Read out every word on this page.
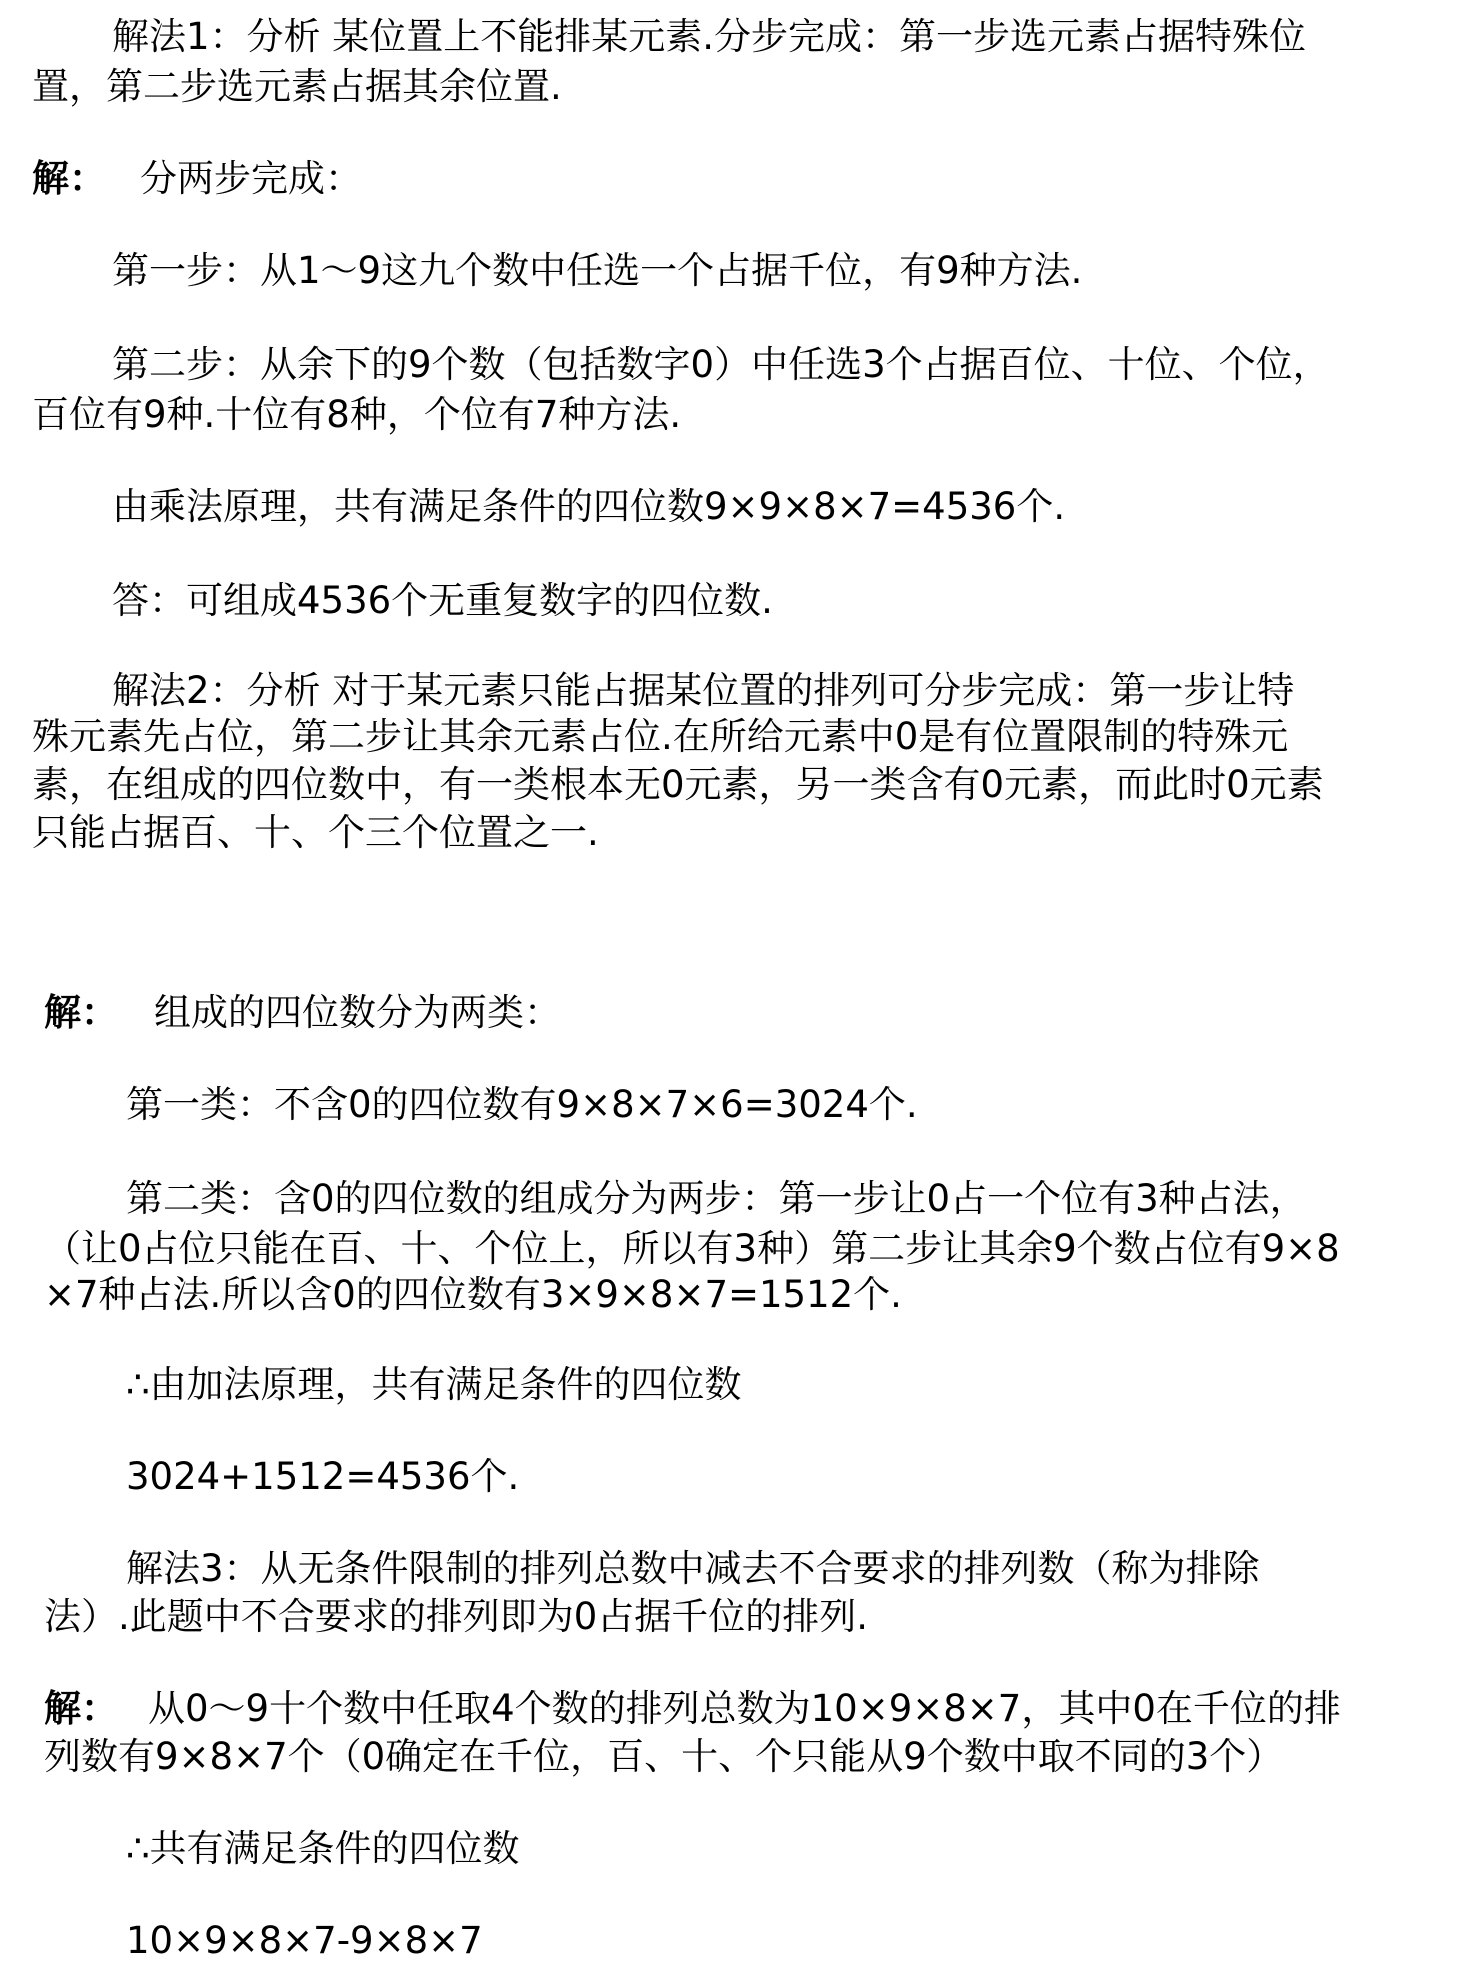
解法1：分析 某位置上不能排某元素.分步完成：第一步选元素占据特殊位
置，第二步选元素占据其余位置.
解： 分两步完成：
第一步：从1～9这九个数中任选一个占据千位，有9种方法.
第二步：从余下的9个数（包括数字0）中任选3个占据百位、十位、个位，
百位有9种.十位有8种，个位有7种方法.
由乘法原理，共有满足条件的四位数9×9×8×7=4536个.
答：可组成4536个无重复数字的四位数.
解法2：分析 对于某元素只能占据某位置的排列可分步完成：第一步让特
殊元素先占位，第二步让其余元素占位.在所给元素中0是有位置限制的特殊元
素，在组成的四位数中，有一类根本无0元素，另一类含有0元素，而此时0元素
只能占据百、十、个三个位置之一.
解： 组成的四位数分为两类：
第一类：不含0的四位数有9×8×7×6=3024个.
第二类：含0的四位数的组成分为两步：第一步让0占一个位有3种占法，
（让0占位只能在百、十、个位上，所以有3种）第二步让其余9个数占位有9×8
×7种占法.所以含0的四位数有3×9×8×7=1512个.
∴由加法原理，共有满足条件的四位数
3024+1512=4536个.
解法3：从无条件限制的排列总数中减去不合要求的排列数（称为排除
法）.此题中不合要求的排列即为0占据千位的排列.
解： 从0～9十个数中任取4个数的排列总数为10×9×8×7，其中0在千位的排
列数有9×8×7个（0确定在千位，百、十、个只能从9个数中取不同的3个）
∴共有满足条件的四位数
10×9×8×7-9×8×7
